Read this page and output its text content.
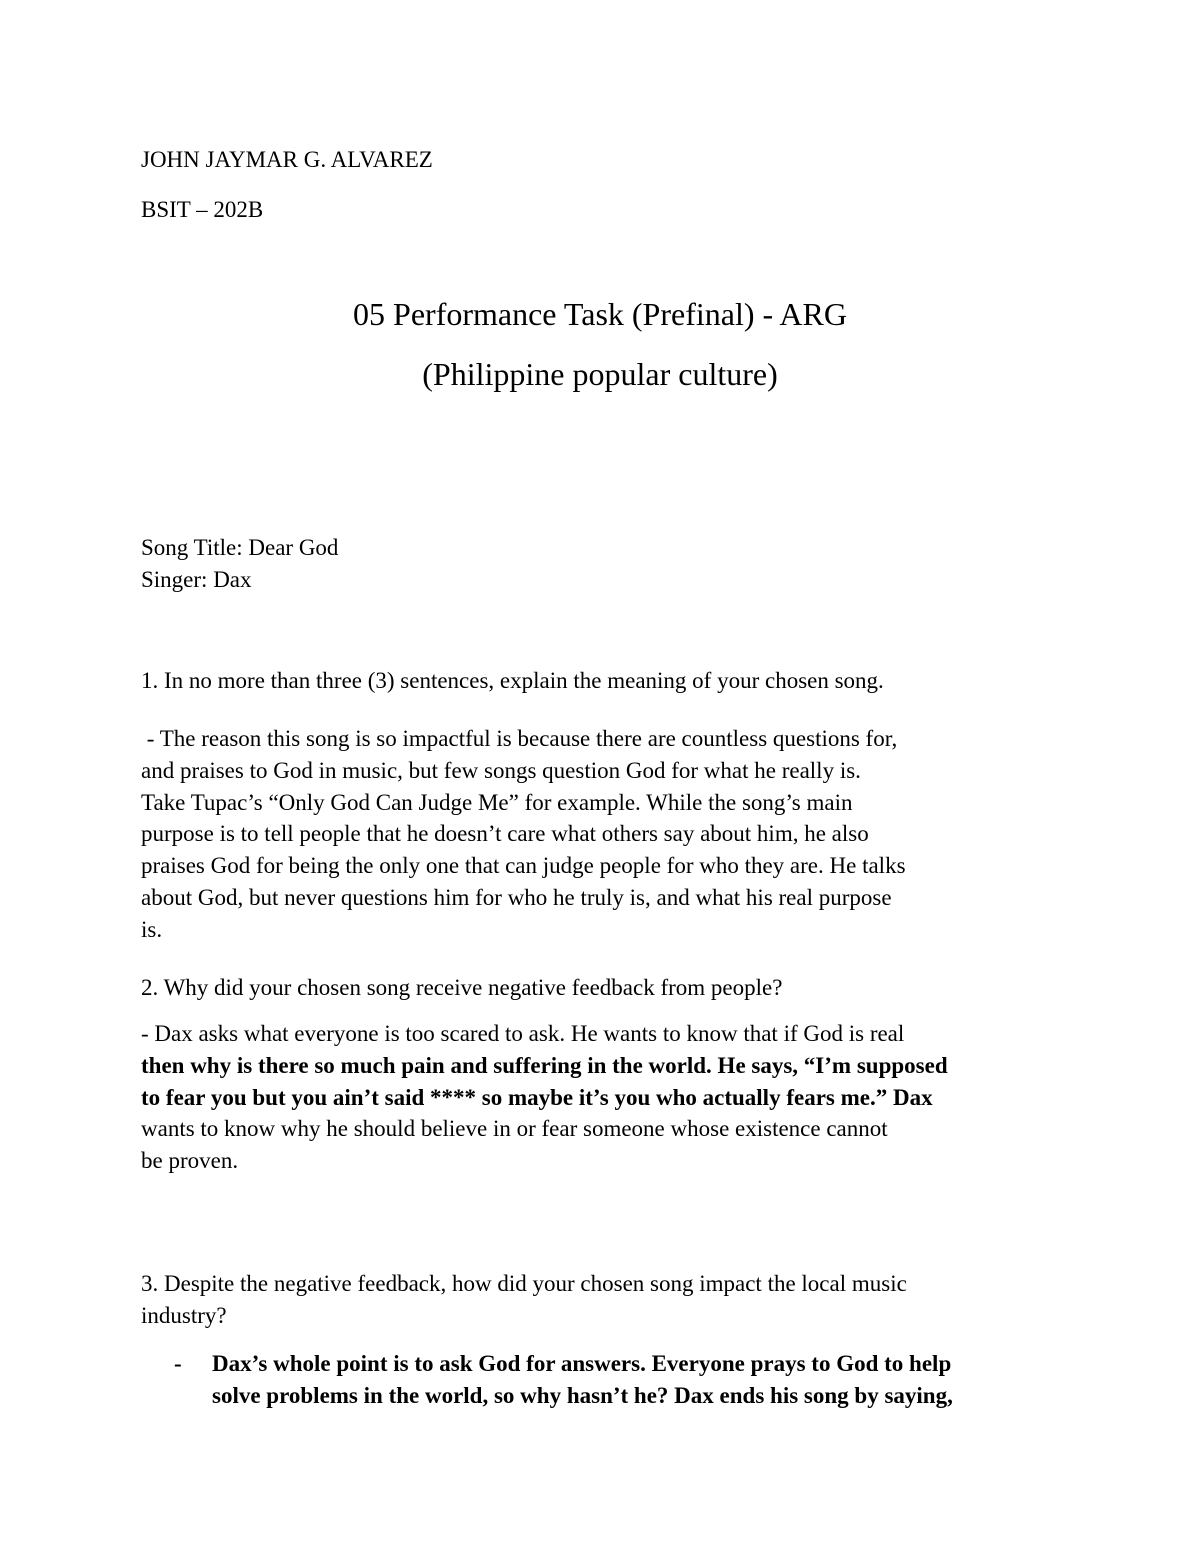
JOHN JAYMAR G. ALVAREZ

BSIT – 202B

05 Performance Task (Prefinal) - ARG

(Philippine popular culture)

Song Title: Dear God

Singer: Dax

1. In no more than three (3) sentences, explain the meaning of your chosen song.

- The reason this song is so impactful is because there are countless questions for,
and praises to God in music, but few songs question God for what he really is.
Take Tupac’s “Only God Can Judge Me” for example. While the song’s main
purpose is to tell people that he doesn’t care what others say about him, he also
praises God for being the only one that can judge people for who they are. He talks
about God, but never questions him for who he truly is, and what his real purpose
is.

2. Why did your chosen song receive negative feedback from people?

- Dax asks what everyone is too scared to ask. He wants to know that if God is real
then why is there so much pain and suffering in the world. He says, “I’m supposed
to fear you but you ain’t said **** so maybe it’s you who actually fears me.” Dax
wants to know why he should believe in or fear someone whose existence cannot
be proven.
3. Despite the negative feedback, how did your chosen song impact the local music
industry?
- Dax’s whole point is to ask God for answers. Everyone prays to God to help
solve problems in the world, so why hasn’t he? Dax ends his song by saying,
